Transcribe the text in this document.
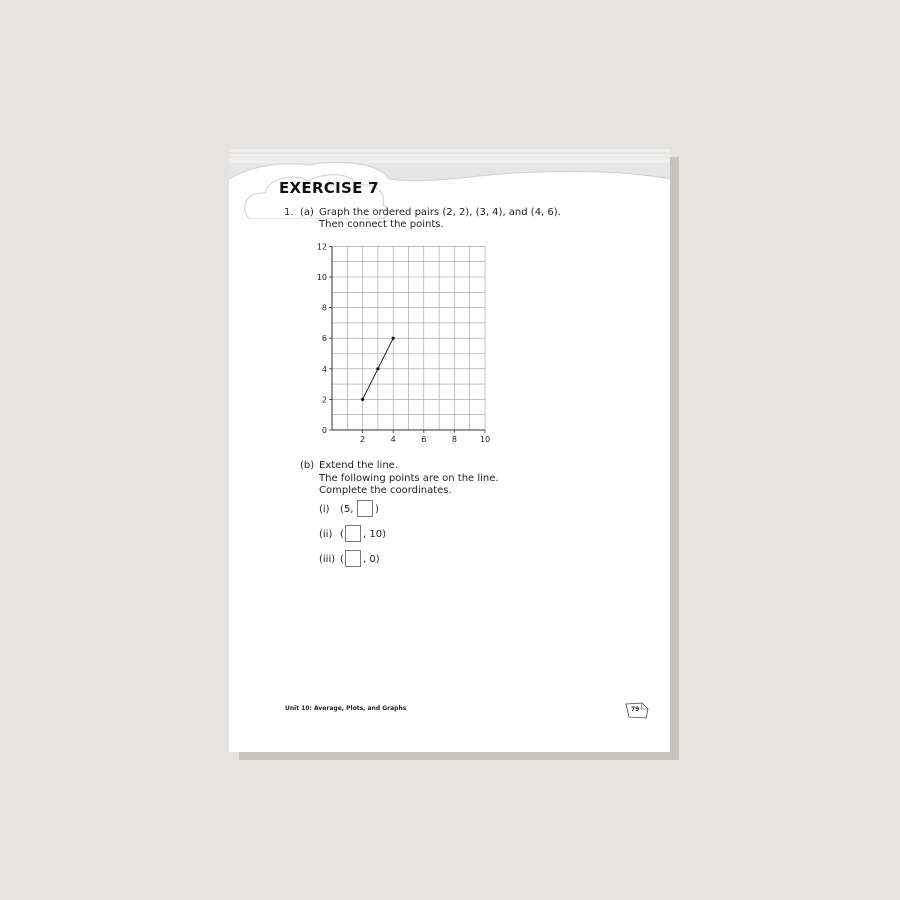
EXERCISE 7
1. (a) Graph the ordered pairs (2, 2), (3, 4), and (4, 6).
Then connect the points.
0
2
4
6
8
10
12
2	4	6	8	10
(b) Extend the line.
The following points are on the line.
Complete the coordinates.
(i) (5, )
(ii) ( , 10)
(iii) ( , 0)
Unit 10: Average, Plots, and Graphs	79
